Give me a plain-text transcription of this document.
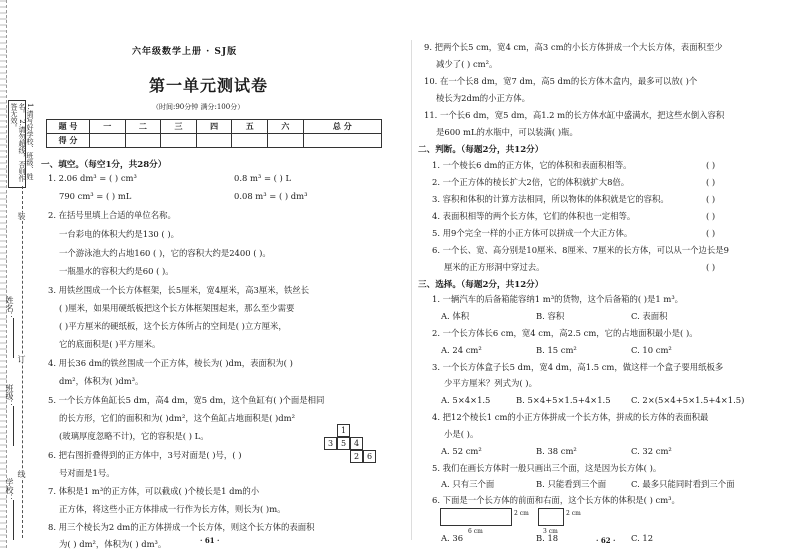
1.请写好学校、班级、姓名。 2.请勿超线，否则作答无效。
装
订
线
姓名：
班级：
学校：
六年级数学上册 · SJ版
第一单元测试卷
（时间:90分钟 满分:100分）
题 号	一	二	三	四	五	六	总 分
得 分							
一、填空。（每空1分，共28分）
1. 2.06 dm³ = ( ) cm³	0.8 m³ = ( ) L
790 cm³ = ( ) mL	0.08 m³ = ( ) dm³
2. 在括号里填上合适的单位名称。
一台彩电的体积大约是130 ( )。
一个游泳池大约占地160 ( )，它的容积大约是2400 ( )。
一瓶墨水的容积大约是60 ( )。
3. 用铁丝围成一个长方体框架，长5厘米，宽4厘米，高3厘米，铁丝长
( )厘米，如果用硬纸板把这个长方体框架围起来，那么至少需要
( )平方厘米的硬纸板，这个长方体所占的空间是( )立方厘米，
它的底面积是( )平方厘米。
4. 用长36 dm的铁丝围成一个正方体，棱长为( )dm，表面积为( )
dm²，体积为( )dm³。
5. 一个长方体鱼缸长5 dm，高4 dm，宽5 dm，这个鱼缸有( )个面是相同
的长方形，它们的面积和为( )dm²，这个鱼缸占地面积是( )dm²
(玻璃厚度忽略不计)，它的容积是( ) L。
6. 把右图折叠得到的正方体中，3号对面是( )号，( )
号对面是1号。
7. 体积是1 m³的正方体，可以截成( )个棱长是1 dm的小
正方体，将这些小正方体排成一行作为长方体，则长为( )m。
8. 用三个棱长为2 dm的正方体拼成一个长方体，则这个长方体的表面积
为( ) dm²，体积为( ) dm³。
1
3 5 4
2 6
· 61 ·
9. 把两个长5 cm，宽4 cm，高3 cm的小长方体拼成一个大长方体，表面积至少
减少了( ) cm²。
10. 在一个长8 dm，宽7 dm，高5 dm的长方体木盒内，最多可以放( )个
棱长为2dm的小正方体。
11. 一个长6 dm，宽5 dm，高1.2 m的长方体水缸中盛满水，把这些水倒入容积
是600 mL的水瓶中，可以装满( )瓶。
二、判断。（每题2分，共12分）
1. 一个棱长6 dm的正方体，它的体积和表面积相等。	( )
2. 一个正方体的棱长扩大2倍，它的体积就扩大8倍。	( )
3. 容积和体积的计算方法相同，所以物体的体积就是它的容积。	( )
4. 表面积相等的两个长方体，它们的体积也一定相等。	( )
5. 用9个完全一样的小正方体可以拼成一个大正方体。	( )
6. 一个长、宽、高分别是10厘米、8厘米、7厘米的长方体，可以从一个边长是9
厘米的正方形洞中穿过去。	( )
三、选择。（每题2分，共12分）
1. 一辆汽车的后备箱能容纳1 m³的货物，这个后备箱的( )是1 m³。
A. 体积	B. 容积	C. 表面积
2. 一个长方体长6 cm，宽4 cm，高2.5 cm，它的占地面积最小是( )。
A. 24 cm²	B. 15 cm²	C. 10 cm²
3. 一个长方体盒子长5 dm，宽4 dm，高1.5 cm，做这样一个盒子要用纸板多
少平方厘米？列式为( )。
A. 5×4×1.5	B. 5×4+5×1.5+4×1.5 C. 2×(5×4+5×1.5+4×1.5)
4. 把12个棱长1 cm的小正方体拼成一个长方体，拼成的长方体的表面积最
小是( )。
A. 52 cm²	B. 38 cm²	C. 32 cm²
5. 我们在画长方体时一般只画出三个面，这是因为长方体( )。
A. 只有三个面	B. 只能看到三个面	C. 最多只能同时看到三个面
6. 下面是一个长方体的前面和右面，这个长方体的体积是( ) cm³。
2 cm
6 cm
2 cm
3 cm
A. 36	B. 18	C. 12
· 62 ·
